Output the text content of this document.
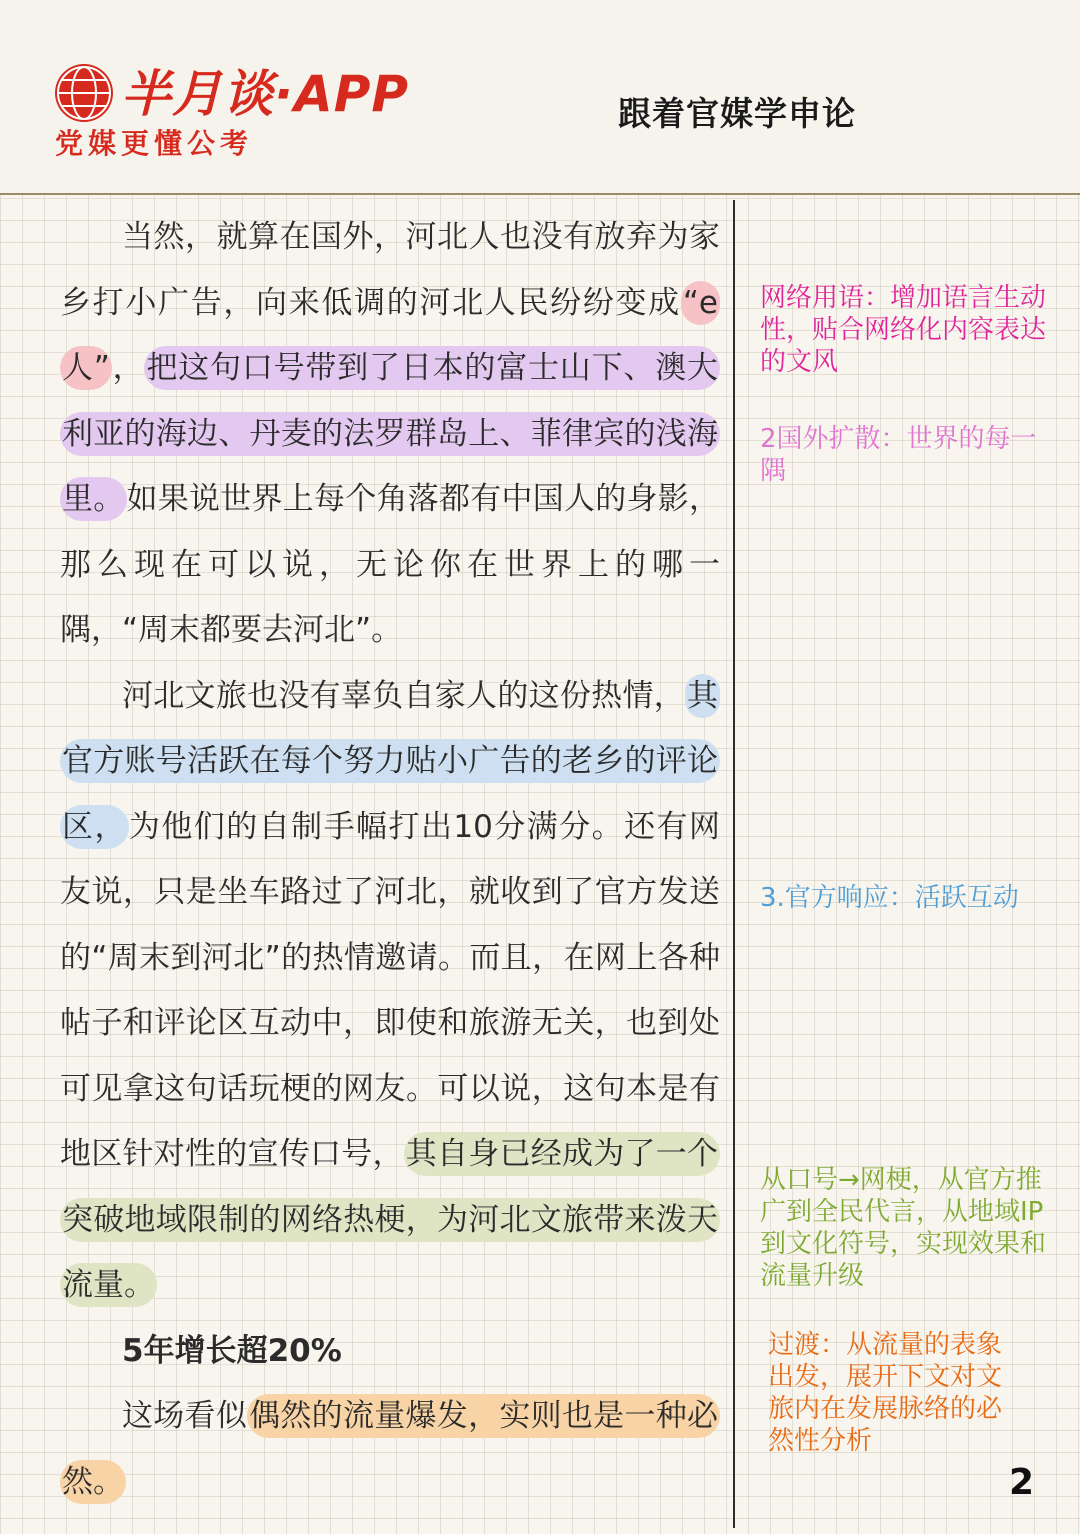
半月谈·APP
党媒更懂公考
跟着官媒学申论

当然，就算在国外，河北人也没有放弃为家乡打小广告，向来低调的河北人民纷纷变成“e人”，把这句口号带到了日本的富士山下、澳大利亚的海边、丹麦的法罗群岛上、菲律宾的浅海里。如果说世界上每个角落都有中国人的身影，那么现在可以说，无论你在世界上的哪一隅，“周末都要去河北”。

河北文旅也没有辜负自家人的这份热情，其官方账号活跃在每个努力贴小广告的老乡的评论区，为他们的自制手幅打出10分满分。还有网友说，只是坐车路过了河北，就收到了官方发送的“周末到河北”的热情邀请。而且，在网上各种帖子和评论区互动中，即使和旅游无关，也到处可见拿这句话玩梗的网友。可以说，这句本是有地区针对性的宣传口号，其自身已经成为了一个突破地域限制的网络热梗，为河北文旅带来泼天流量。

5年增长超20%

这场看似偶然的流量爆发，实则也是一种必然。

网络用语：增加语言生动性，贴合网络化内容表达的文风
2国外扩散：世界的每一隅
3.官方响应：活跃互动
从口号→网梗，从官方推广到全民代言，从地域IP到文化符号，实现效果和流量升级
过渡：从流量的表象出发，展开下文对文旅内在发展脉络的必然性分析
2
